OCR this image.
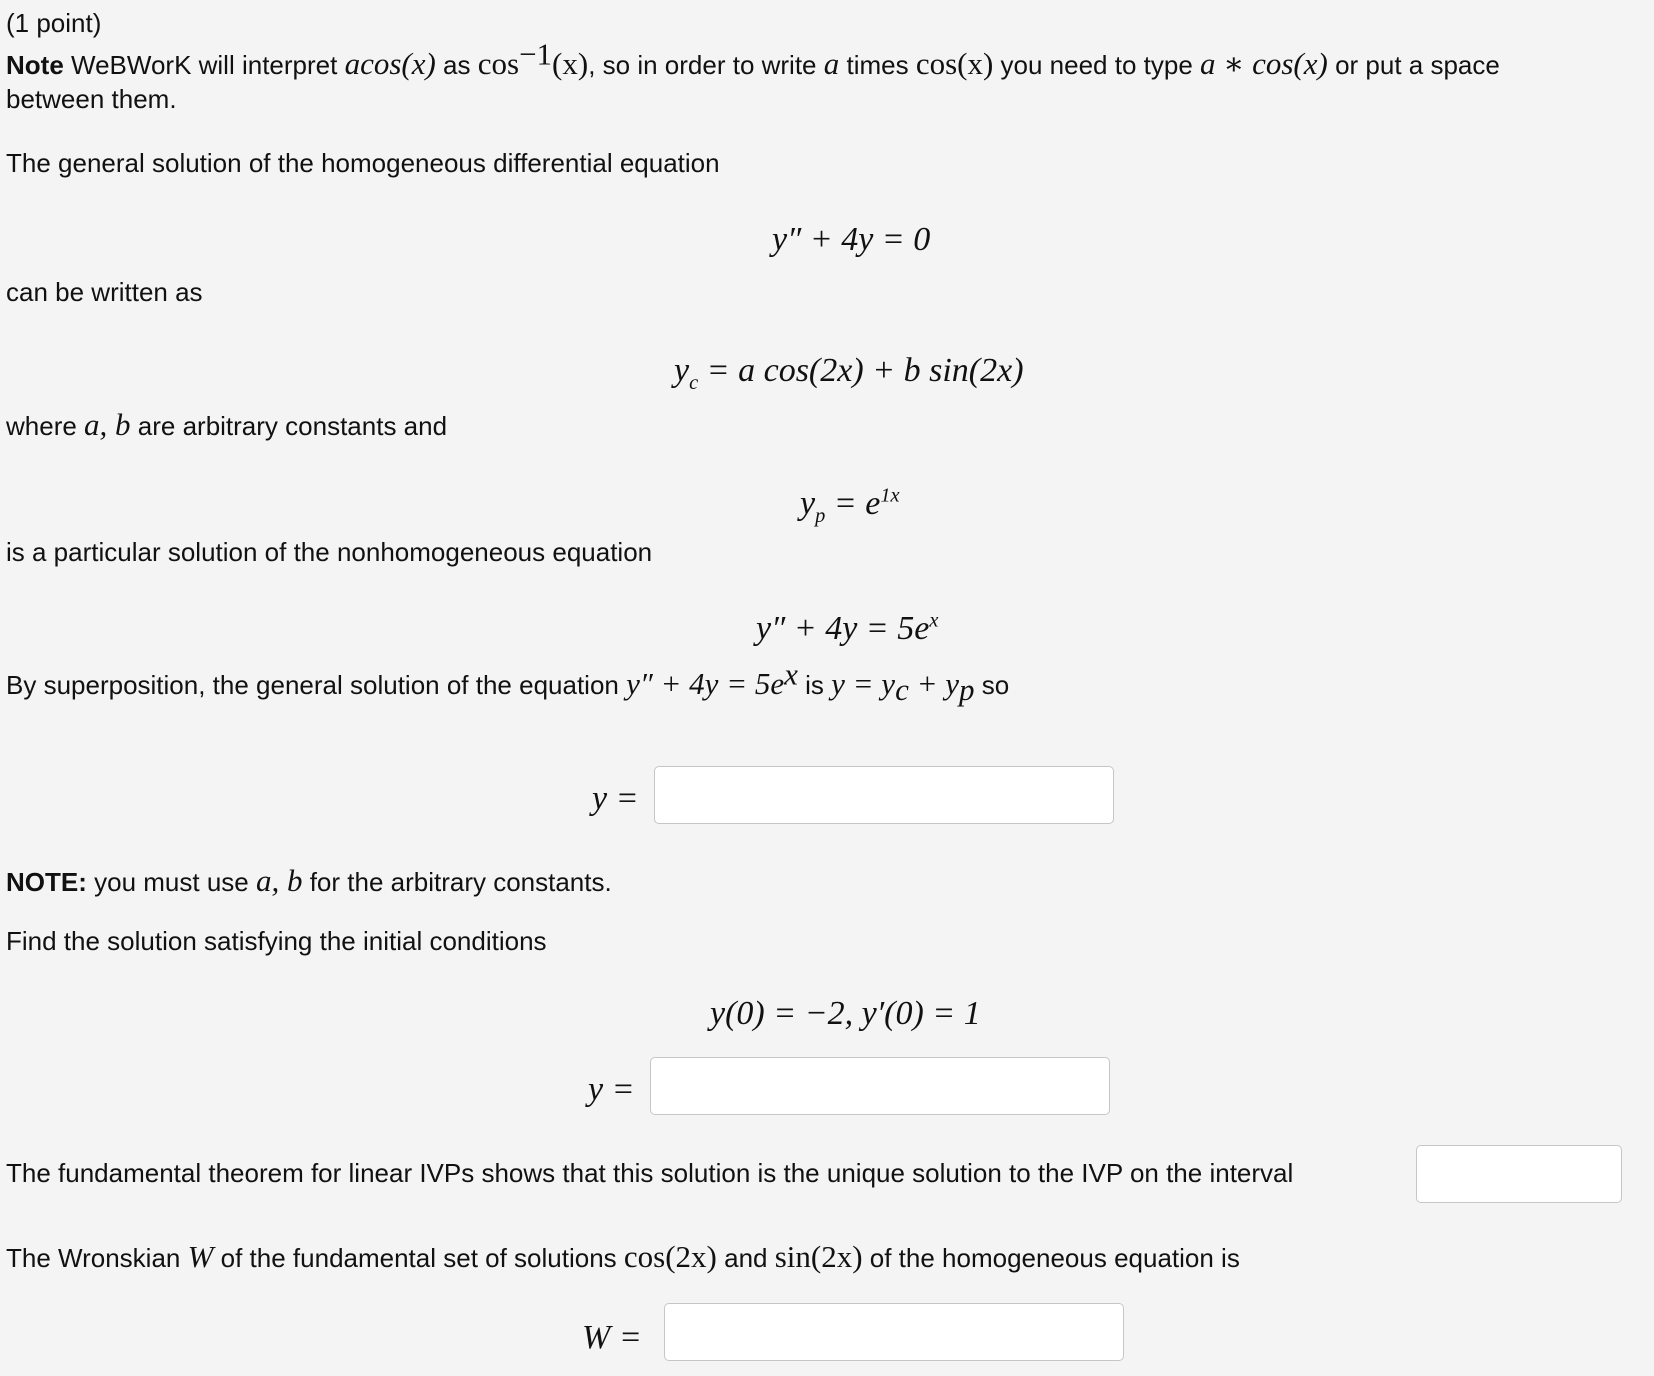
(1 point)
Note WeBWorK will interpret acos(x) as $\cos^{-1}(x)$, so in order to write a times cos(x) you need to type a ∗ cos(x) or put a space
between them.
The general solution of the homogeneous differential equation
y″ + 4y = 0
can be written as
$y_c = a$ cos(2x) + b sin(2x)
where a, b are arbitrary constants and
$y_p = e^{1x}$
is a particular solution of the nonhomogeneous equation
$y'' + 4y = 5e^x$
By superposition, the general solution of the equation $y'' + 4y = 5e^x$ is $y = y_c + y_p$ so
y =
NOTE: you must use a, b for the arbitrary constants.
Find the solution satisfying the initial conditions
y(0) = −2, y′(0) = 1
y =
The fundamental theorem for linear IVPs shows that this solution is the unique solution to the IVP on the interval
The Wronskian W of the fundamental set of solutions cos(2x) and sin(2x) of the homogeneous equation is
W =
